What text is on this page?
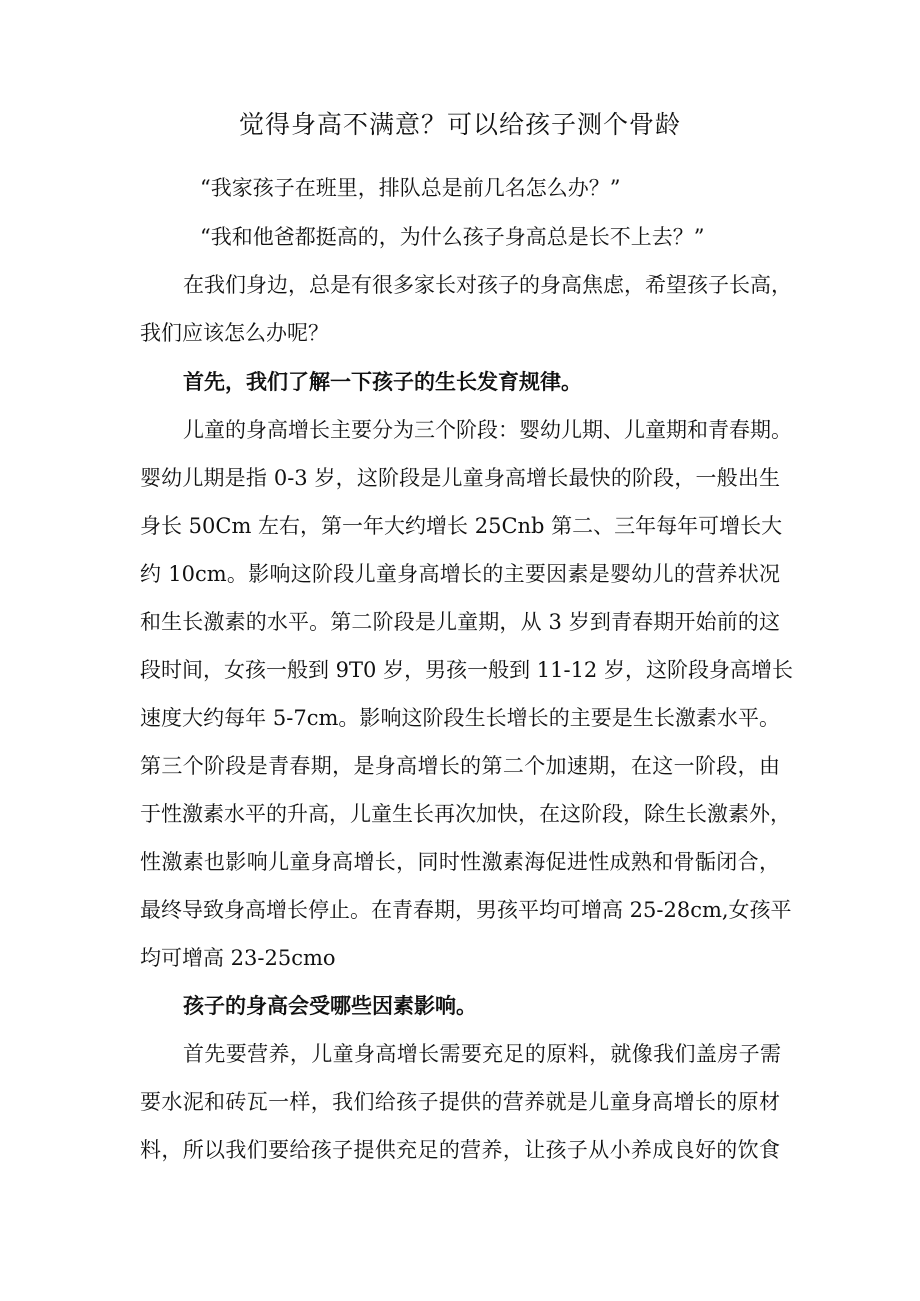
觉得身高不满意？可以给孩子测个骨龄

“我家孩子在班里，排队总是前几名怎么办？”

“我和他爸都挺高的，为什么孩子身高总是长不上去？”

在我们身边，总是有很多家长对孩子的身高焦虑，希望孩子长高，

我们应该怎么办呢？

首先，我们了解一下孩子的生长发育规律。

儿童的身高增长主要分为三个阶段：婴幼儿期、儿童期和青春期。

婴幼儿期是指 0-3 岁，这阶段是儿童身高增长最快的阶段，一般出生

身长 50Cm 左右，第一年大约增长 25Cnb 第二、三年每年可增长大

约 10cm。影响这阶段儿童身高增长的主要因素是婴幼儿的营养状况

和生长激素的水平。第二阶段是儿童期，从 3 岁到青春期开始前的这

段时间，女孩一般到 9T0 岁，男孩一般到 11-12 岁，这阶段身高增长

速度大约每年 5-7cm。影响这阶段生长增长的主要是生长激素水平。

第三个阶段是青春期，是身高增长的第二个加速期，在这一阶段，由

于性激素水平的升高，儿童生长再次加快，在这阶段，除生长激素外，

性激素也影响儿童身高增长，同时性激素海促进性成熟和骨骺闭合，

最终导致身高增长停止。在青春期，男孩平均可增高 25-28cm,女孩平

均可增高 23-25cmo

孩子的身高会受哪些因素影响。

首先要营养，儿童身高增长需要充足的原料，就像我们盖房子需

要水泥和砖瓦一样，我们给孩子提供的营养就是儿童身高增长的原材

料，所以我们要给孩子提供充足的营养，让孩子从小养成良好的饮食
